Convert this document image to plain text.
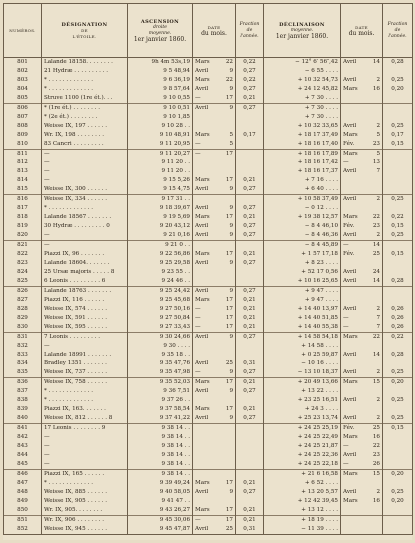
NUMÉROS.	DÉSIGNATION
DE
L'ÉTOILE.	ASCENSION
droite
moyenne.
1er janvier 1860.	DATE
du mois.	Fraction
de
l'année.	DÉCLINAISON
moyenne.
1er janvier 1860.	DATE
du mois.	Fraction
de
l'année.

801	Lalande 18158. . . . . . . .	9h 4m 53s,19	Mars 22	0,22	− 12° 6′ 56″,42	Avril 14	0,28
802	21 Hydræ . . . . . . . . . .	9 5 48,94	Avril 9	0,27	− 6 55 . . . .	

803	* . . . . . . . . . . . . .	9 6 36,19	Mars 22	0,22	+ 10 32 54,73	Avril 2	0,25
804	* . . . . . . . . . . . . .	9 8 57,64	Avril 9	0,27	+ 24 12 45,82	Mars 16	0,20
805	Struve 1100 (1re ét.). . .	9 10 0,55	— 17	0,21	+ 7 30 . . . .	

806	* (1re ét.) . . . . . . . .	9 10 0,51	Avril 9	0,27	+ 7 30 . . . .	

807	* (2e ét.) . . . . . . . .	9 10 1,85			+ 7 30 . . . .	

808	Weisse IX, 197 . . . . . .	9 10 28 . .			+ 10 32 33,65	Avril 2	0,25
809	Wr. IX, 198 . . . . . . . .	9 10 48,91	Mars 5	0,17	+ 18 17 37,49	Mars 5	0,17
810	83 Cancri . . . . . . . . .	9 11 20,95	— 5		+ 18 16 17,40	Fév. 23	0,15
811	—	9 11 20,27	— 17		+ 18 16 17,89	Mars 5	

812	—	9 11 20 . .			+ 18 16 17,42	— 13	

813	—	9 11 20 . .			+ 18 16 17,37	Avril 7	

814	—	9 15 5,26	Mars 17	0,21	+ 7 16 . . . .	

815	Weisse IX, 300 . . . . . .	9 15 4,75	Avril 9	0,27	+ 6 40 . . . .	

816	Weisse IX, 334 . . . . . .	9 17 31 . .			+ 10 58 37,49	Avril 2	0,25
817	* . . . . . . . . . . . . .	9 18 39,67	Avril 9	0,27	− 0 12 . . . .	

818	Lalande 18567 . . . . . . .	9 19 5,69	Mars 17	0,21	+ 19 38 12,57	Mars 22	0,22
819	30 Hydræ . . . . . . . . . 0	9 20 43,12	Avril 9	0,27	− 8 4 46,10	Fév. 23	0,15
820	—	9 21 0,16	Avril 9	0,27	− 8 4 46,36	Avril 2	0,25
821	—	9 21 0 . .			− 8 4 45,89	— 14	

822	Piazzi IX, 96 . . . . . . .	9 22 56,86	Mars 17	0,21	+ 1 57 17,18	Fév. 25	0,15
823	Lalande 18604. . . . . . .	9 25 29,58	Avril 9	0,27	+ 8 23 . . . .	

824	25 Ursæ majoris . . . . . 8	9 23 55 . .			+ 52 17 0,56	Avril 24	

825	6 Leonis . . . . . . . . . 6	9 24 46 . .			+ 10 16 25,65	Avril 14	0,28
826	Lalande 18763 . . . . . . .	9 25 24,42	Avril 9	0,27	+ 9 47 . . . .	

827	Piazzi IX, 116 . . . . . .	9 25 45,68	Mars 17	0,21	+ 9 47 . . . .	

828	Weisse IX, 574 . . . . . .	9 27 50,16	— 17	0,21	+ 14 40 13,97	Avril 2	0,26
829	Weisse IX, 591 . . . . . .	9 27 50,84	— 17	0,21	+ 14 40 51,85	— 7	0,26
830	Weisse IX, 595 . . . . . .	9 27 33,43	— 17	0,21	+ 14 40 55,38	— 7	0,26
831	7 Leonis . . . . . . . . .	9 30 24,66	Avril 9	0,27	+ 14 58 54,18	Mars 22	0,22
832	—	9 30 . . . .			+ 14 58 . . . .	

833	Lalande 18991 . . . . . . .	9 35 18 . .			+ 0 25 59,87	Avril 14	0,28
834	Bradley 1351 . . . . . . .	9 35 47,76	Avril 25	0,31	− 10 16 . . . .	

835	Weisse IX, 737 . . . . . .	9 35 47,98	— 9	0,27	− 13 10 18,37	Avril 2	0,25
836	Weisse IX, 758 . . . . . .	9 35 52,03	Mars 17	0,21	+ 20 49 13,66	Mars 15	0,20
837	* . . . . . . . . . . . . .	9 36 7,51	Avril 9	0,27	+ 13 22 . . . .	

838	* . . . . . . . . . . . . .	9 37 26 . .			+ 23 25 16,51	Avril 2	0,25
839	Piazzi IX, 163. . . . . . .	9 37 58,54	Mars 17	0,21	+ 24 3 . . . .	

840	Weisse IX, 812 . . . . . . 8	9 37 41,22	Avril 9	0,27	+ 25 23 13,74	Avril 2	0,25
841	17 Leonis . . . . . . . . 9	9 38 14 . .			+ 24 25 25,19	Fév. 25	0,15
842	—	9 38 14 . .			+ 24 25 22,49	Mars 16	

843	—	9 38 14 . .			+ 24 25 21,87	— 22	

844	—	9 38 14 . .			+ 24 25 22,36	Avril 23	

845	—	9 38 14 . .			+ 24 25 22,18	— 26	

846	Piazzi IX, 165 . . . . . .	9 38 14 . .			+ 21 6 16,58	Mars 15	0,20
847	* . . . . . . . . . . . . .	9 39 49,24	Mars 17	0,21	+ 6 52 . . . .	

848	Weisse IX, 885 . . . . . .	9 40 58,05	Avril 9	0,27	+ 13 20 5,57	Avril 2	0,25
849	Weisse IX, 905 . . . . . .	9 41 47 . .			+ 12 42 39,45	Mars 16	0,20
850	Wr. IX, 905. . . . . . . .	9 43 26,27	Mars 17	0,21	+ 13 12 . . . .	

851	Wr. IX, 906 . . . . . . . .	9 45 30,06	— 17	0,21	+ 18 19 . . . .	

852	Weisse IX, 945 . . . . . .	9 45 47,87	Avril 25	0,31	− 11 39 . . . .	
